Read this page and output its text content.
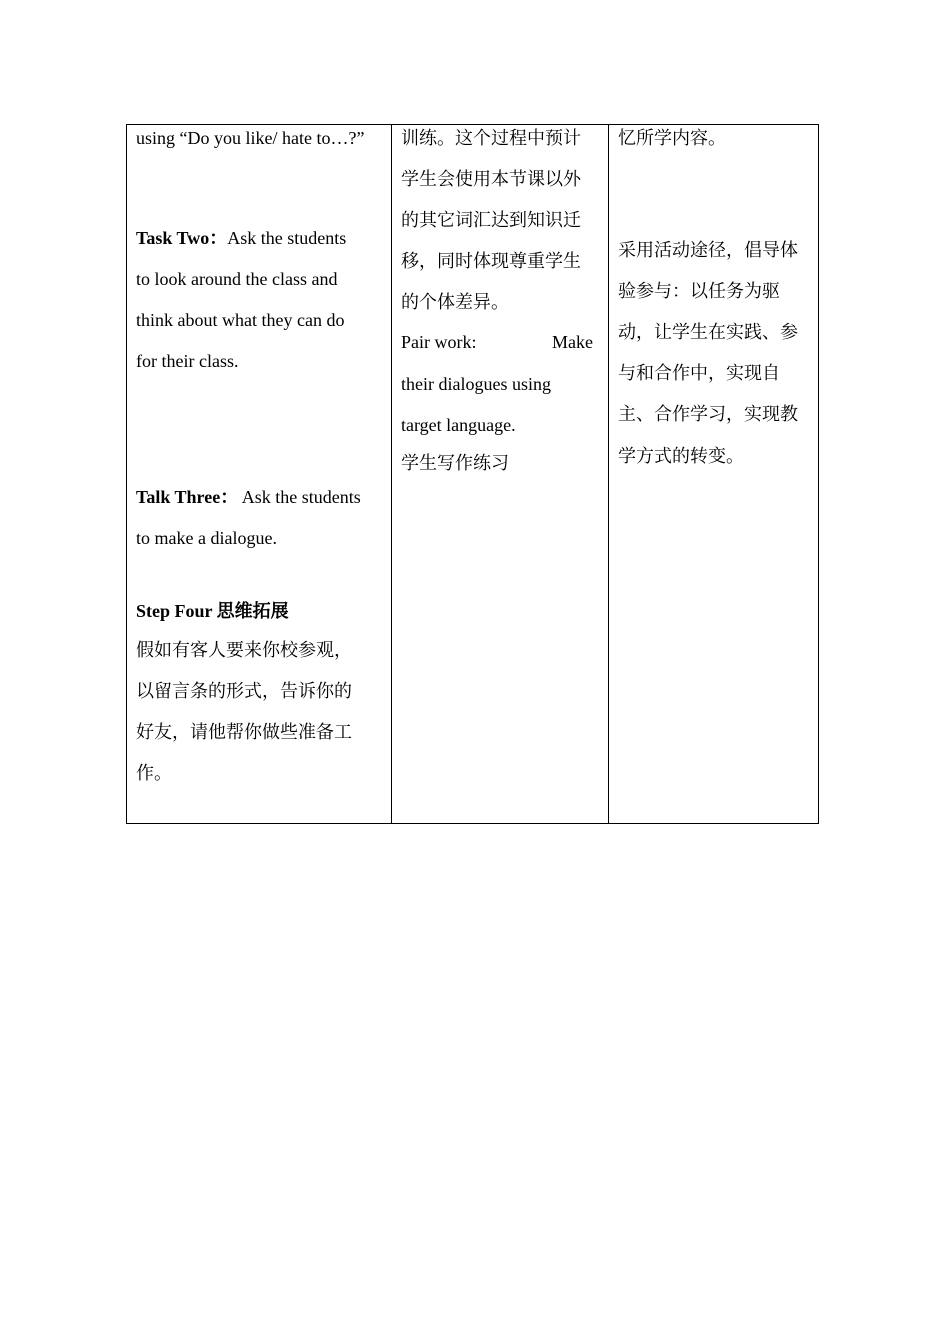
using “Do you like/ hate to…?”
Task Two：Ask the students
to look around the class and
think about what they can do
for their class.
Talk Three： Ask the students
to make a dialogue.
Step Four 思维拓展
假如有客人要来你校参观，
以留言条的形式，告诉你的
好友，请他帮你做些准备工
作。

训练。这个过程中预计
学生会使用本节课以外
的其它词汇达到知识迁
移，同时体现尊重学生
的个体差异。
Pair work:	Make
their dialogues using
target language.
学生写作练习

忆所学内容。
采用活动途径，倡导体
验参与：以任务为驱
动，让学生在实践、参
与和合作中，实现自
主、合作学习，实现教
学方式的转变。
